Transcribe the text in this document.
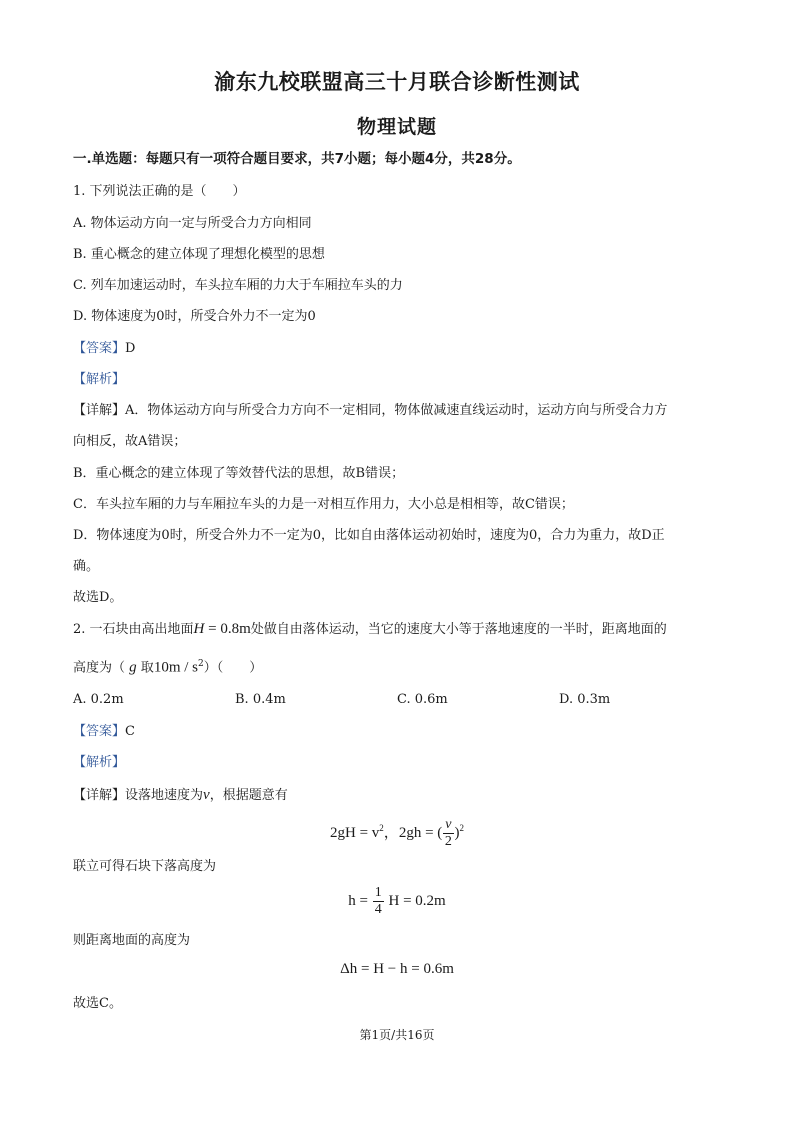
渝东九校联盟高三十月联合诊断性测试
物理试题
一.单选题：每题只有一项符合题目要求，共7小题；每小题4分，共28分。
1. 下列说法正确的是（　　）
A. 物体运动方向一定与所受合力方向相同
B. 重心概念的建立体现了理想化模型的思想
C. 列车加速运动时，车头拉车厢的力大于车厢拉车头的力
D. 物体速度为0时，所受合外力不一定为0
【答案】D
【解析】
【详解】A．物体运动方向与所受合力方向不一定相同，物体做减速直线运动时，运动方向与所受合力方
向相反，故A错误；
B．重心概念的建立体现了等效替代法的思想，故B错误；
C．车头拉车厢的力与车厢拉车头的力是一对相互作用力，大小总是相相等，故C错误；
D．物体速度为0时，所受合外力不一定为0，比如自由落体运动初始时，速度为0，合力为重力，故D正
确。
故选D。
2. 一石块由高出地面H = 0.8m处做自由落体运动，当它的速度大小等于落地速度的一半时，距离地面的
高度为（ g 取$10m / s^2$）（　　）
A. 0.2m	B. 0.4m	C. 0.6m	D. 0.3m
【答案】C
【解析】
【详解】设落地速度为v，根据题意有
$2gH = v^2$，2gh = ( $\frac{v}{2} )^2$
联立可得石块下落高度为
$h = \frac{1}{4}$ H = 0.2m
则距离地面的高度为
Δh = H − h = 0.6m
故选C。
第1页/共16页
